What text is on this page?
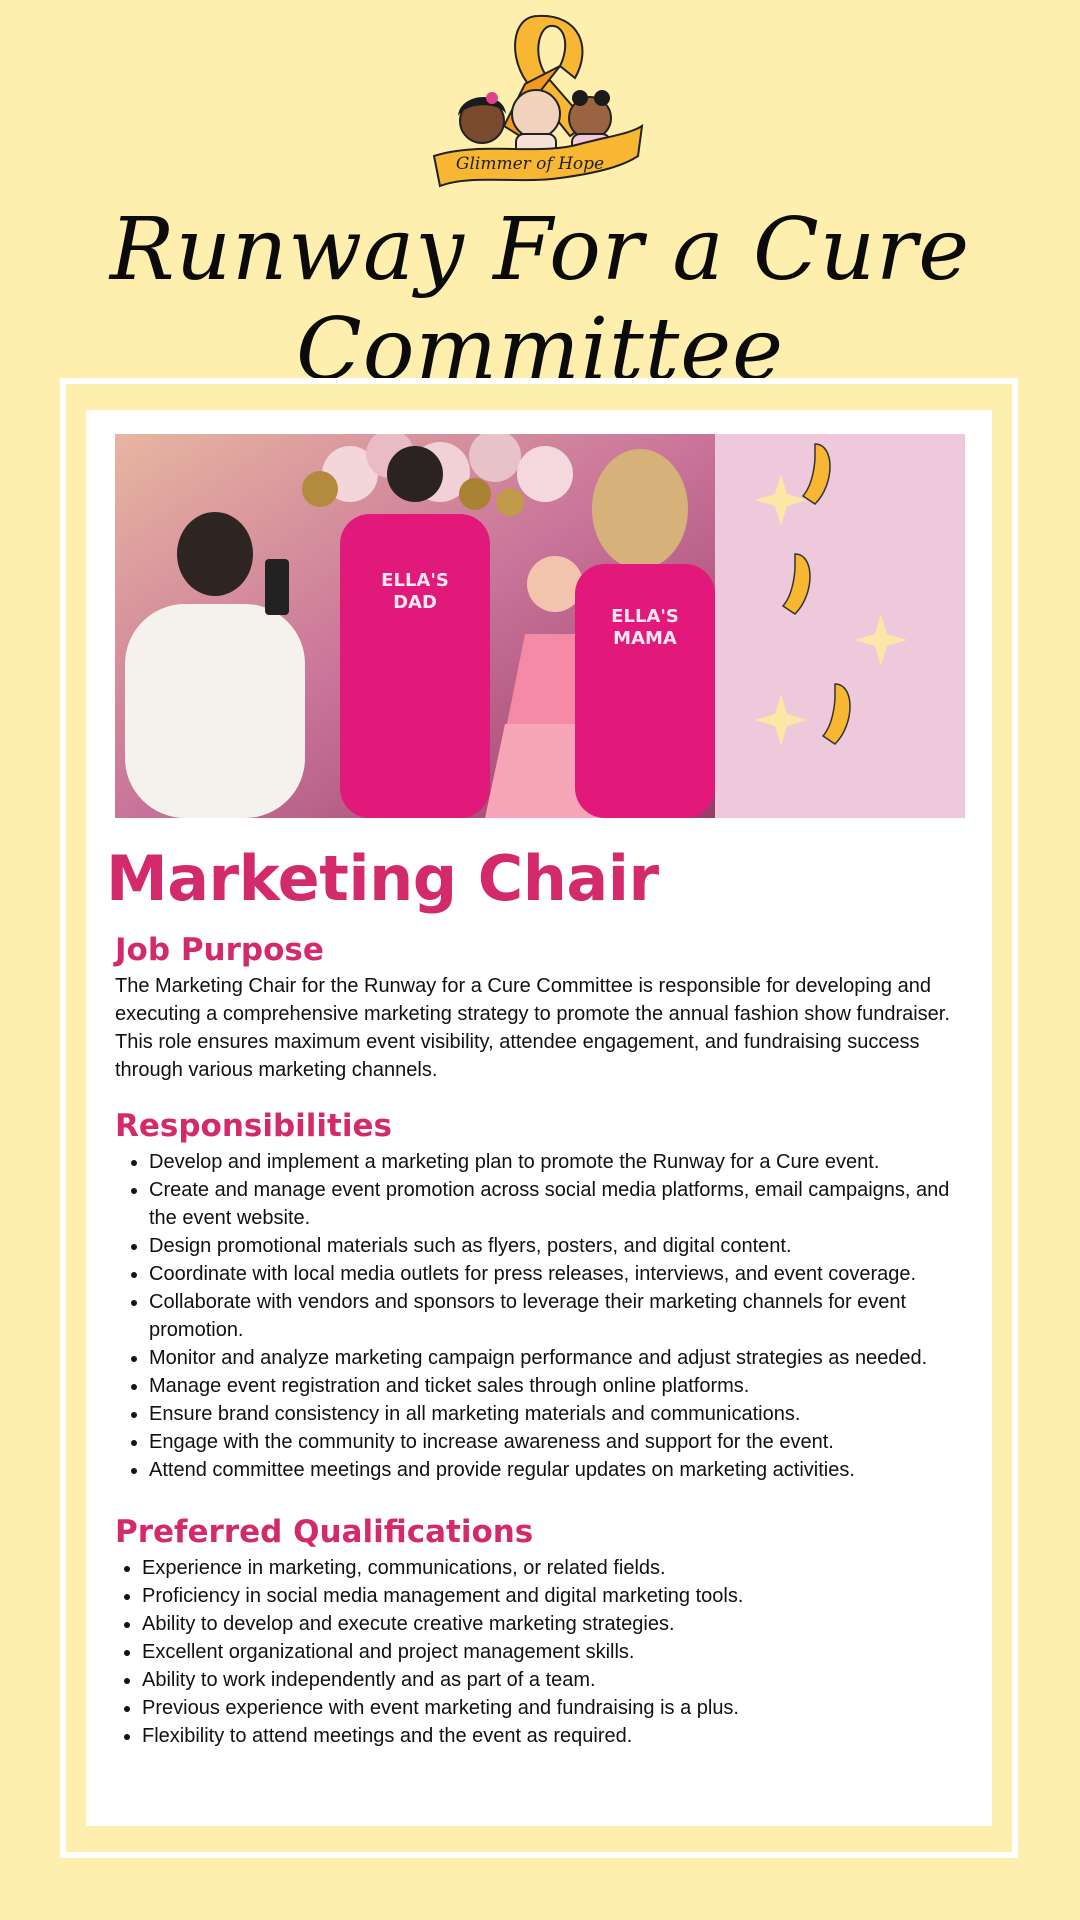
Glimmer of Hope
Runway For a Cure Committee
ELLA'S
DAD
ELLA'S
MAMA
Marketing Chair
Job Purpose

The Marketing Chair for the Runway for a Cure Committee is responsible for developing and executing a comprehensive marketing strategy to promote the annual fashion show fundraiser. This role ensures maximum event visibility, attendee engagement, and fundraising success through various marketing channels.

Responsibilities
• Develop and implement a marketing plan to promote the Runway for a Cure event.
• Create and manage event promotion across social media platforms, email campaigns, and the event website.
• Design promotional materials such as flyers, posters, and digital content.
• Coordinate with local media outlets for press releases, interviews, and event coverage.
• Collaborate with vendors and sponsors to leverage their marketing channels for event promotion.
• Monitor and analyze marketing campaign performance and adjust strategies as needed.
• Manage event registration and ticket sales through online platforms.
• Ensure brand consistency in all marketing materials and communications.
• Engage with the community to increase awareness and support for the event.
• Attend committee meetings and provide regular updates on marketing activities.
Preferred Qualifications
• Experience in marketing, communications, or related fields.
• Proficiency in social media management and digital marketing tools.
• Ability to develop and execute creative marketing strategies.
• Excellent organizational and project management skills.
• Ability to work independently and as part of a team.
• Previous experience with event marketing and fundraising is a plus.
• Flexibility to attend meetings and the event as required.
